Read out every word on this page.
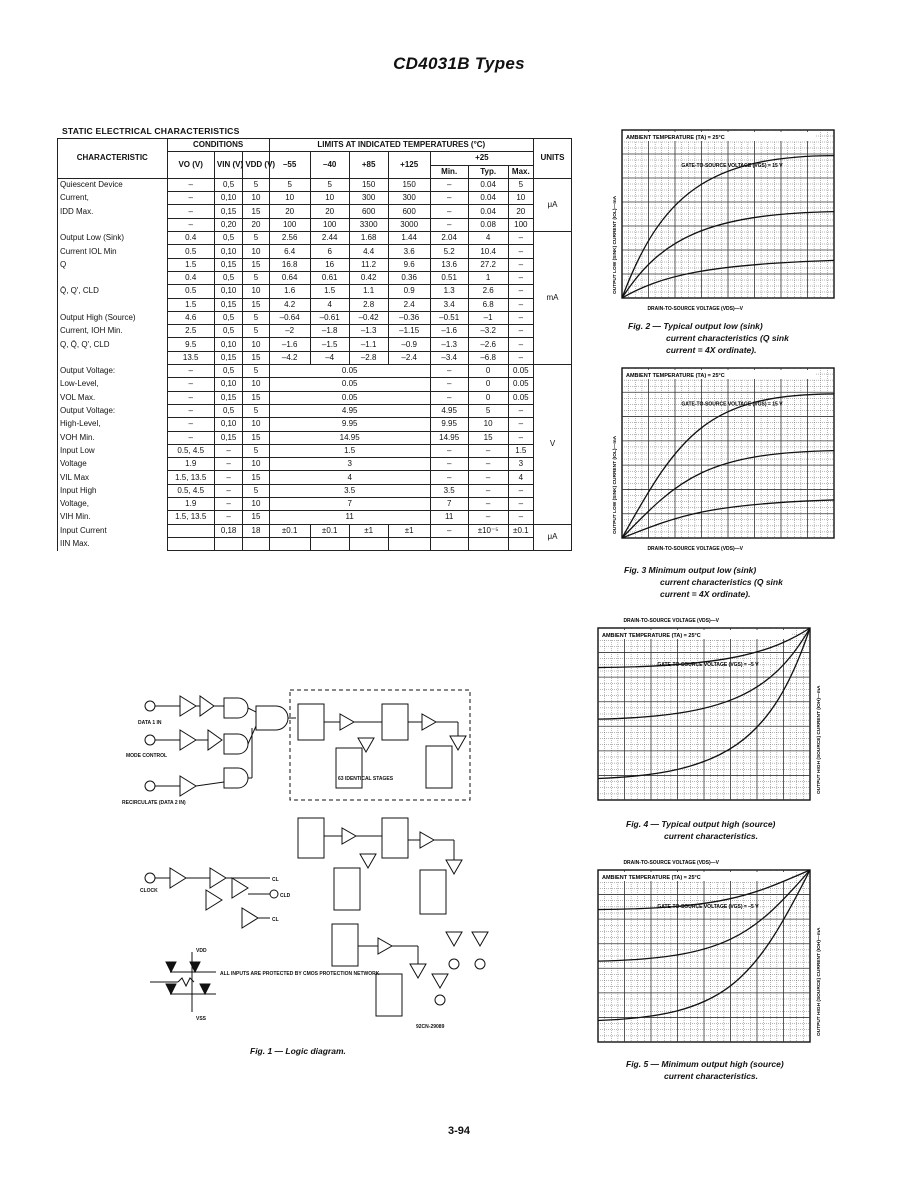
CD4031B Types
STATIC ELECTRICAL CHARACTERISTICS
CHARACTERISTIC	CONDITIONS			LIMITS AT INDICATED TEMPERATURES (°C)							UNITS
	VO (V)	VIN (V)	VDD (V)	–55	–40	+85	+125	+25			
								Min.	Typ.	Max.	
Quiescent Device	–	0,5	5	5	5	150	150	–	0.04	5	μA
Current,	–	0,10	10	10	10	300	300	–	0.04	10	
IDD Max.	–	0,15	15	20	20	600	600	–	0.04	20	
	–	0,20	20	100	100	3300	3000	–	0.08	100	
Output Low (Sink)	0.4	0,5	5	2.56	2.44	1.68	1.44	2.04	4	–	mA
Current IOL Min	0.5	0,10	10	6.4	6	4.4	3.6	5.2	10.4	–	
Q	1.5	0,15	15	16.8	16	11.2	9.6	13.6	27.2	–	
	0.4	0,5	5	0.64	0.61	0.42	0.36	0.51	1	–	
Q̄, Q', CLD	0.5	0,10	10	1.6	1.5	1.1	0.9	1.3	2.6	–	
	1.5	0,15	15	4.2	4	2.8	2.4	3.4	6.8	–	
Output High (Source)	4.6	0,5	5	–0.64	–0.61	–0.42	–0.36	–0.51	–1	–	
Current, IOH Min.	2.5	0,5	5	–2	–1.8	–1.3	–1.15	–1.6	–3.2	–	
Q, Q̄, Q', CLD	9.5	0,10	10	–1.6	–1.5	–1.1	–0.9	–1.3	–2.6	–	
	13.5	0,15	15	–4.2	–4	–2.8	–2.4	–3.4	–6.8	–	
Output Voltage:	–	0,5	5	0.05				–	0	0.05	V
Low-Level,	–	0,10	10	0.05				–	0	0.05	
VOL Max.	–	0,15	15	0.05				–	0	0.05	
Output Voltage:	–	0,5	5	4.95				4.95	5	–	
High-Level,	–	0,10	10	9.95				9.95	10	–	
VOH Min.	–	0,15	15	14.95				14.95	15	–	
Input Low	0.5, 4.5	–	5	1.5				–	–	1.5	
Voltage	1.9	–	10	3				–	–	3	
VIL Max	1.5, 13.5	–	15	4				–	–	4	
Input High	0.5, 4.5	–	5	3.5				3.5	–	–	
Voltage,	1.9	–	10	7				7	–	–	
VIH Min.	1.5, 13.5	–	15	11				11	–	–	
Input Current		0,18	18	±0.1	±0.1	±1	±1	–	±10⁻⁵	±0.1	μA
IIN Max.											
DATA 1 IN
MODE CONTROL
RECIRCULATE (DATA 2 IN)
63 IDENTICAL STAGES
CLOCK
CL
CLD
CL
VDD
VSS
ALL INPUTS ARE PROTECTED BY CMOS PROTECTION NETWORK
92CN-29089
Fig. 1 — Logic diagram.
AMBIENT TEMPERATURE (TA) = 25°C
GATE-TO-SOURCE VOLTAGE (VGS) = 15 V
DRAIN-TO-SOURCE VOLTAGE (VDS)—V
OUTPUT LOW (SINK) CURRENT (IOL)—mA
Fig. 2 — Typical output low (sink)
current characteristics (Q sink
current = 4X ordinate).
AMBIENT TEMPERATURE (TA) = 25°C
GATE-TO-SOURCE VOLTAGE (VGS) = 15 V
DRAIN-TO-SOURCE VOLTAGE (VDS)—V
OUTPUT LOW (SINK) CURRENT (IOL)—mA
Fig. 3 Minimum output low (sink)
current characteristics (Q sink
current = 4X ordinate).
AMBIENT TEMPERATURE (TA) = 25°C
GATE-TO-SOURCE VOLTAGE (VGS) = –5 V
DRAIN-TO-SOURCE VOLTAGE (VDS)—V
OUTPUT HIGH (SOURCE) CURRENT (IOH)—mA
Fig. 4 — Typical output high (source)
current characteristics.
AMBIENT TEMPERATURE (TA) = 25°C
GATE-TO-SOURCE VOLTAGE (VGS) = –5 V
DRAIN-TO-SOURCE VOLTAGE (VDS)—V
OUTPUT HIGH (SOURCE) CURRENT (IOH)—mA
Fig. 5 — Minimum output high (source)
current characteristics.
3-94
